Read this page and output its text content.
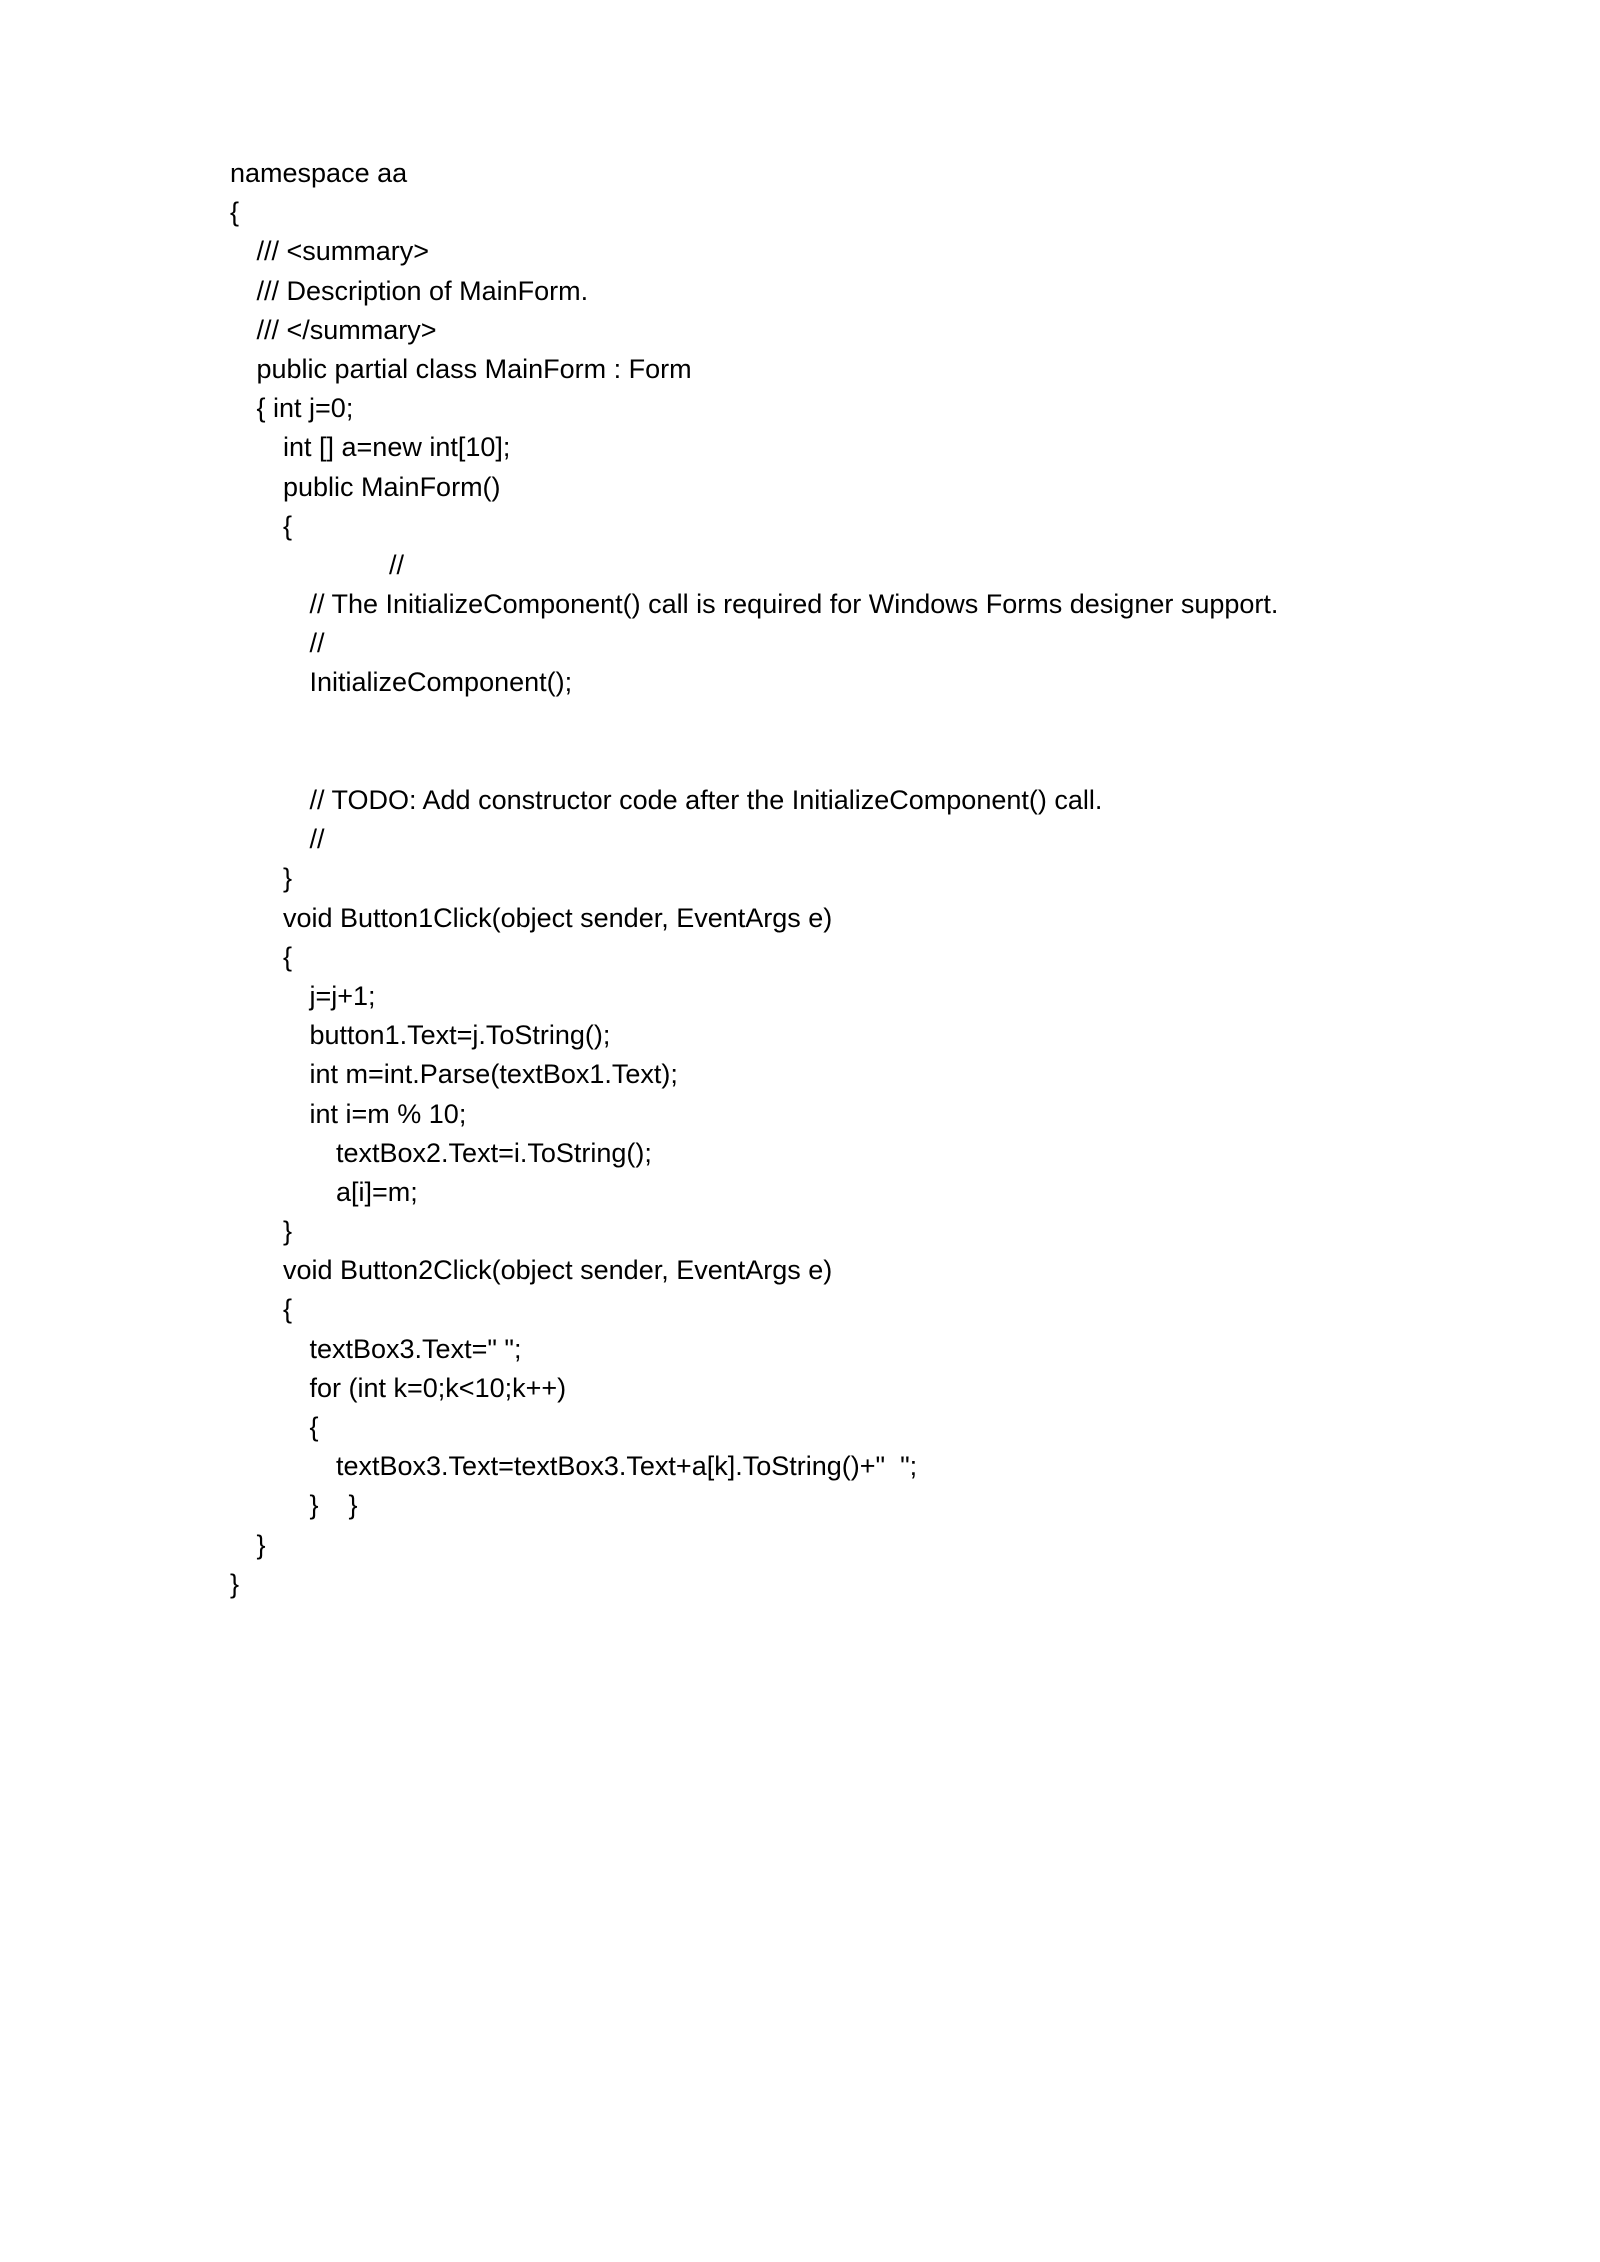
namespace aa
{
/// <summary>
/// Description of MainForm.
/// </summary>
public partial class MainForm : Form
{ int j=0;
int [] a=new int[10];
public MainForm()
{
//
// The InitializeComponent() call is required for Windows Forms designer support.
//
InitializeComponent();
// TODO: Add constructor code after the InitializeComponent() call.
//
}
void Button1Click(object sender, EventArgs e)
{
j=j+1;
button1.Text=j.ToString();
int m=int.Parse(textBox1.Text);
int i=m % 10;
textBox2.Text=i.ToString();
a[i]=m;
}
void Button2Click(object sender, EventArgs e)
{
textBox3.Text=" ";
for (int k=0;k<10;k++)
{
textBox3.Text=textBox3.Text+a[k].ToString()+"  ";
}    }
}
}
